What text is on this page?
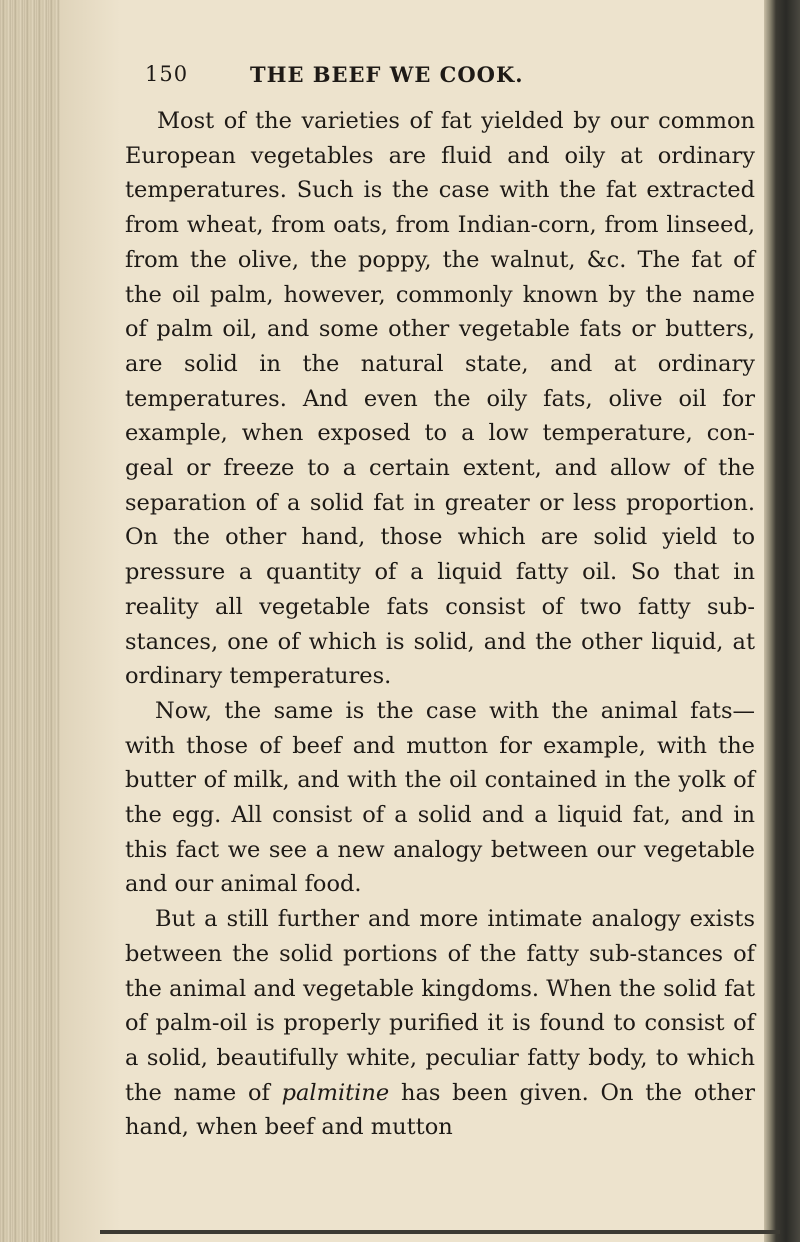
150	THE BEEF WE COOK.

Most of the varieties of fat yielded by our common European vegetables are fluid and oily at ordinary temperatures. Such is the case with the fat extracted from wheat, from oats, from Indian-corn, from linseed, from the olive, the poppy, the walnut, &c. The fat of the oil palm, however, commonly known by the name of palm oil, and some other vegetable fats or butters, are solid in the natural state, and at ordinary temperatures. And even the oily fats, olive oil for example, when exposed to a low temperature, con-geal or freeze to a certain extent, and allow of the separation of a solid fat in greater or less proportion. On the other hand, those which are solid yield to pressure a quantity of a liquid fatty oil. So that in reality all vegetable fats consist of two fatty sub-stances, one of which is solid, and the other liquid, at ordinary temperatures.

Now, the same is the case with the animal fats— with those of beef and mutton for example, with the butter of milk, and with the oil contained in the yolk of the egg. All consist of a solid and a liquid fat, and in this fact we see a new analogy between our vegetable and our animal food.

But a still further and more intimate analogy exists between the solid portions of the fatty sub-stances of the animal and vegetable kingdoms. When the solid fat of palm-oil is properly purified it is found to consist of a solid, beautifully white, peculiar fatty body, to which the name of palmitine has been given. On the other hand, when beef and mutton
